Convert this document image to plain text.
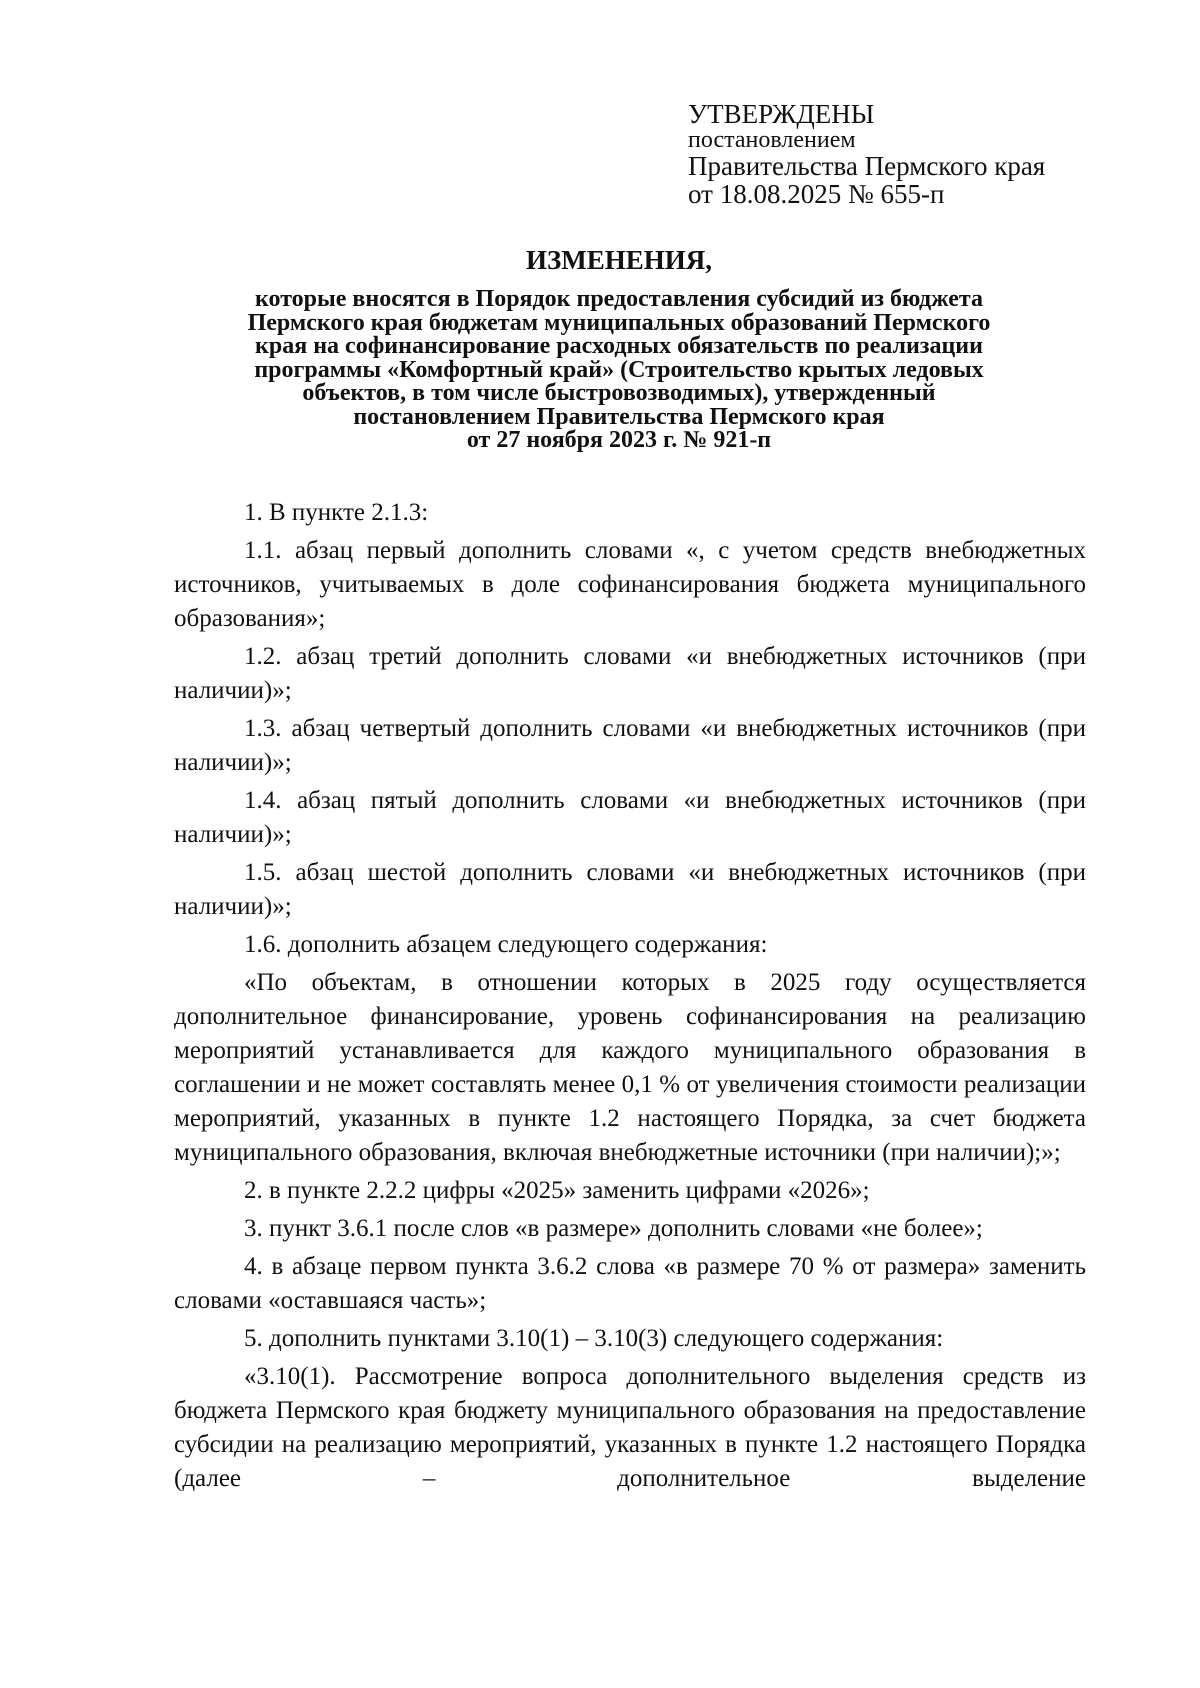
УТВЕРЖДЕНЫ
постановлением
Правительства Пермского края
от 18.08.2025 № 655-п
ИЗМЕНЕНИЯ,
которые вносятся в Порядок предоставления субсидий из бюджета
Пермского края бюджетам муниципальных образований Пермского
края на софинансирование расходных обязательств по реализации
программы «Комфортный край» (Строительство крытых ледовых
объектов, в том числе быстровозводимых), утвержденный
постановлением Правительства Пермского края
от 27 ноября 2023 г. № 921-п

1. В пункте 2.1.3:

1.1. абзац первый дополнить словами «, с учетом средств внебюджетных источников, учитываемых в доле софинансирования бюджета муниципального образования»;

1.2. абзац третий дополнить словами «и внебюджетных источников (при наличии)»;

1.3. абзац четвертый дополнить словами «и внебюджетных источников (при наличии)»;

1.4. абзац пятый дополнить словами «и внебюджетных источников (при наличии)»;

1.5. абзац шестой дополнить словами «и внебюджетных источников (при наличии)»;

1.6. дополнить абзацем следующего содержания:

«По объектам, в отношении которых в 2025 году осуществляется дополнительное финансирование, уровень софинансирования на реализацию мероприятий устанавливается для каждого муниципального образования в соглашении и не может составлять менее 0,1 % от увеличения стоимости реализации мероприятий, указанных в пункте 1.2 настоящего Порядка, за счет бюджета муниципального образования, включая внебюджетные источники (при наличии);»;

2. в пункте 2.2.2 цифры «2025» заменить цифрами «2026»;

3. пункт 3.6.1 после слов «в размере» дополнить словами «не более»;

4. в абзаце первом пункта 3.6.2 слова «в размере 70 % от размера» заменить словами «оставшаяся часть»;

5. дополнить пунктами 3.10(1) – 3.10(3) следующего содержания:

«3.10(1). Рассмотрение вопроса дополнительного выделения средств из бюджета Пермского края бюджету муниципального образования на предоставление субсидии на реализацию мероприятий, указанных в пункте 1.2 настоящего Порядка (далее – дополнительное выделение
